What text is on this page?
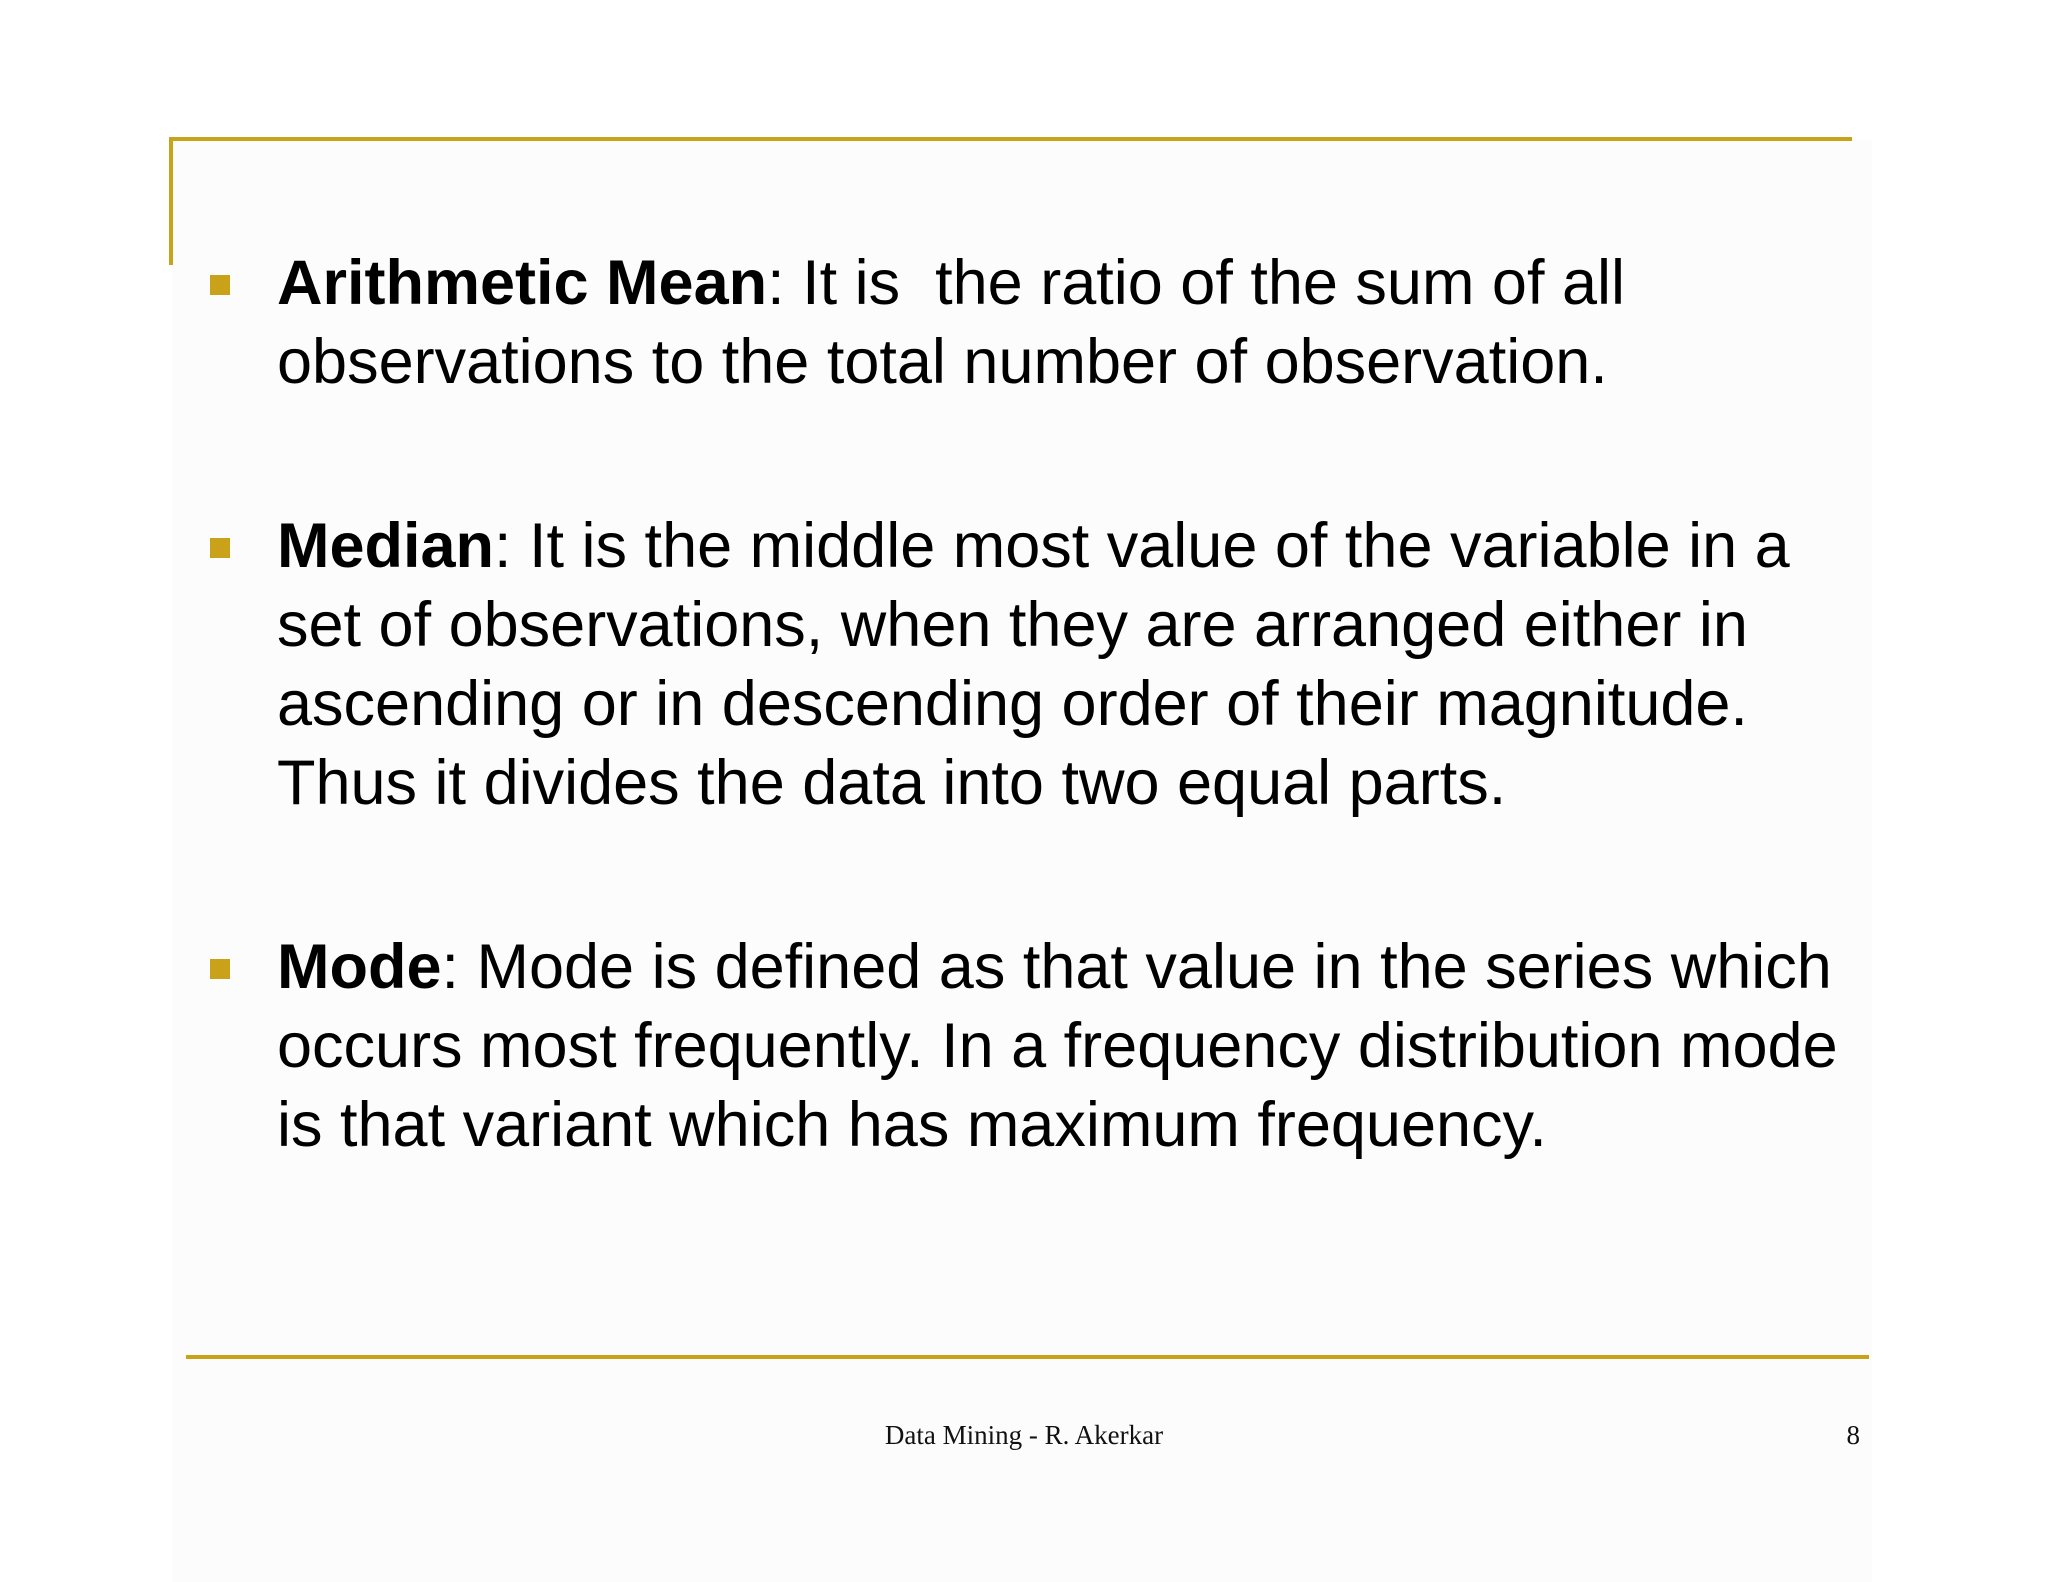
Arithmetic Mean: It is  the ratio of the sum of all observations to the total number of observation.
Median: It is the middle most value of the variable in a set of observations, when they are arranged either in ascending or in descending order of their magnitude. Thus it divides the data into two equal parts.
Mode: Mode is defined as that value in the series which occurs most frequently. In a frequency distribution mode is that variant which has maximum frequency.
Data Mining - R. Akerkar	8
